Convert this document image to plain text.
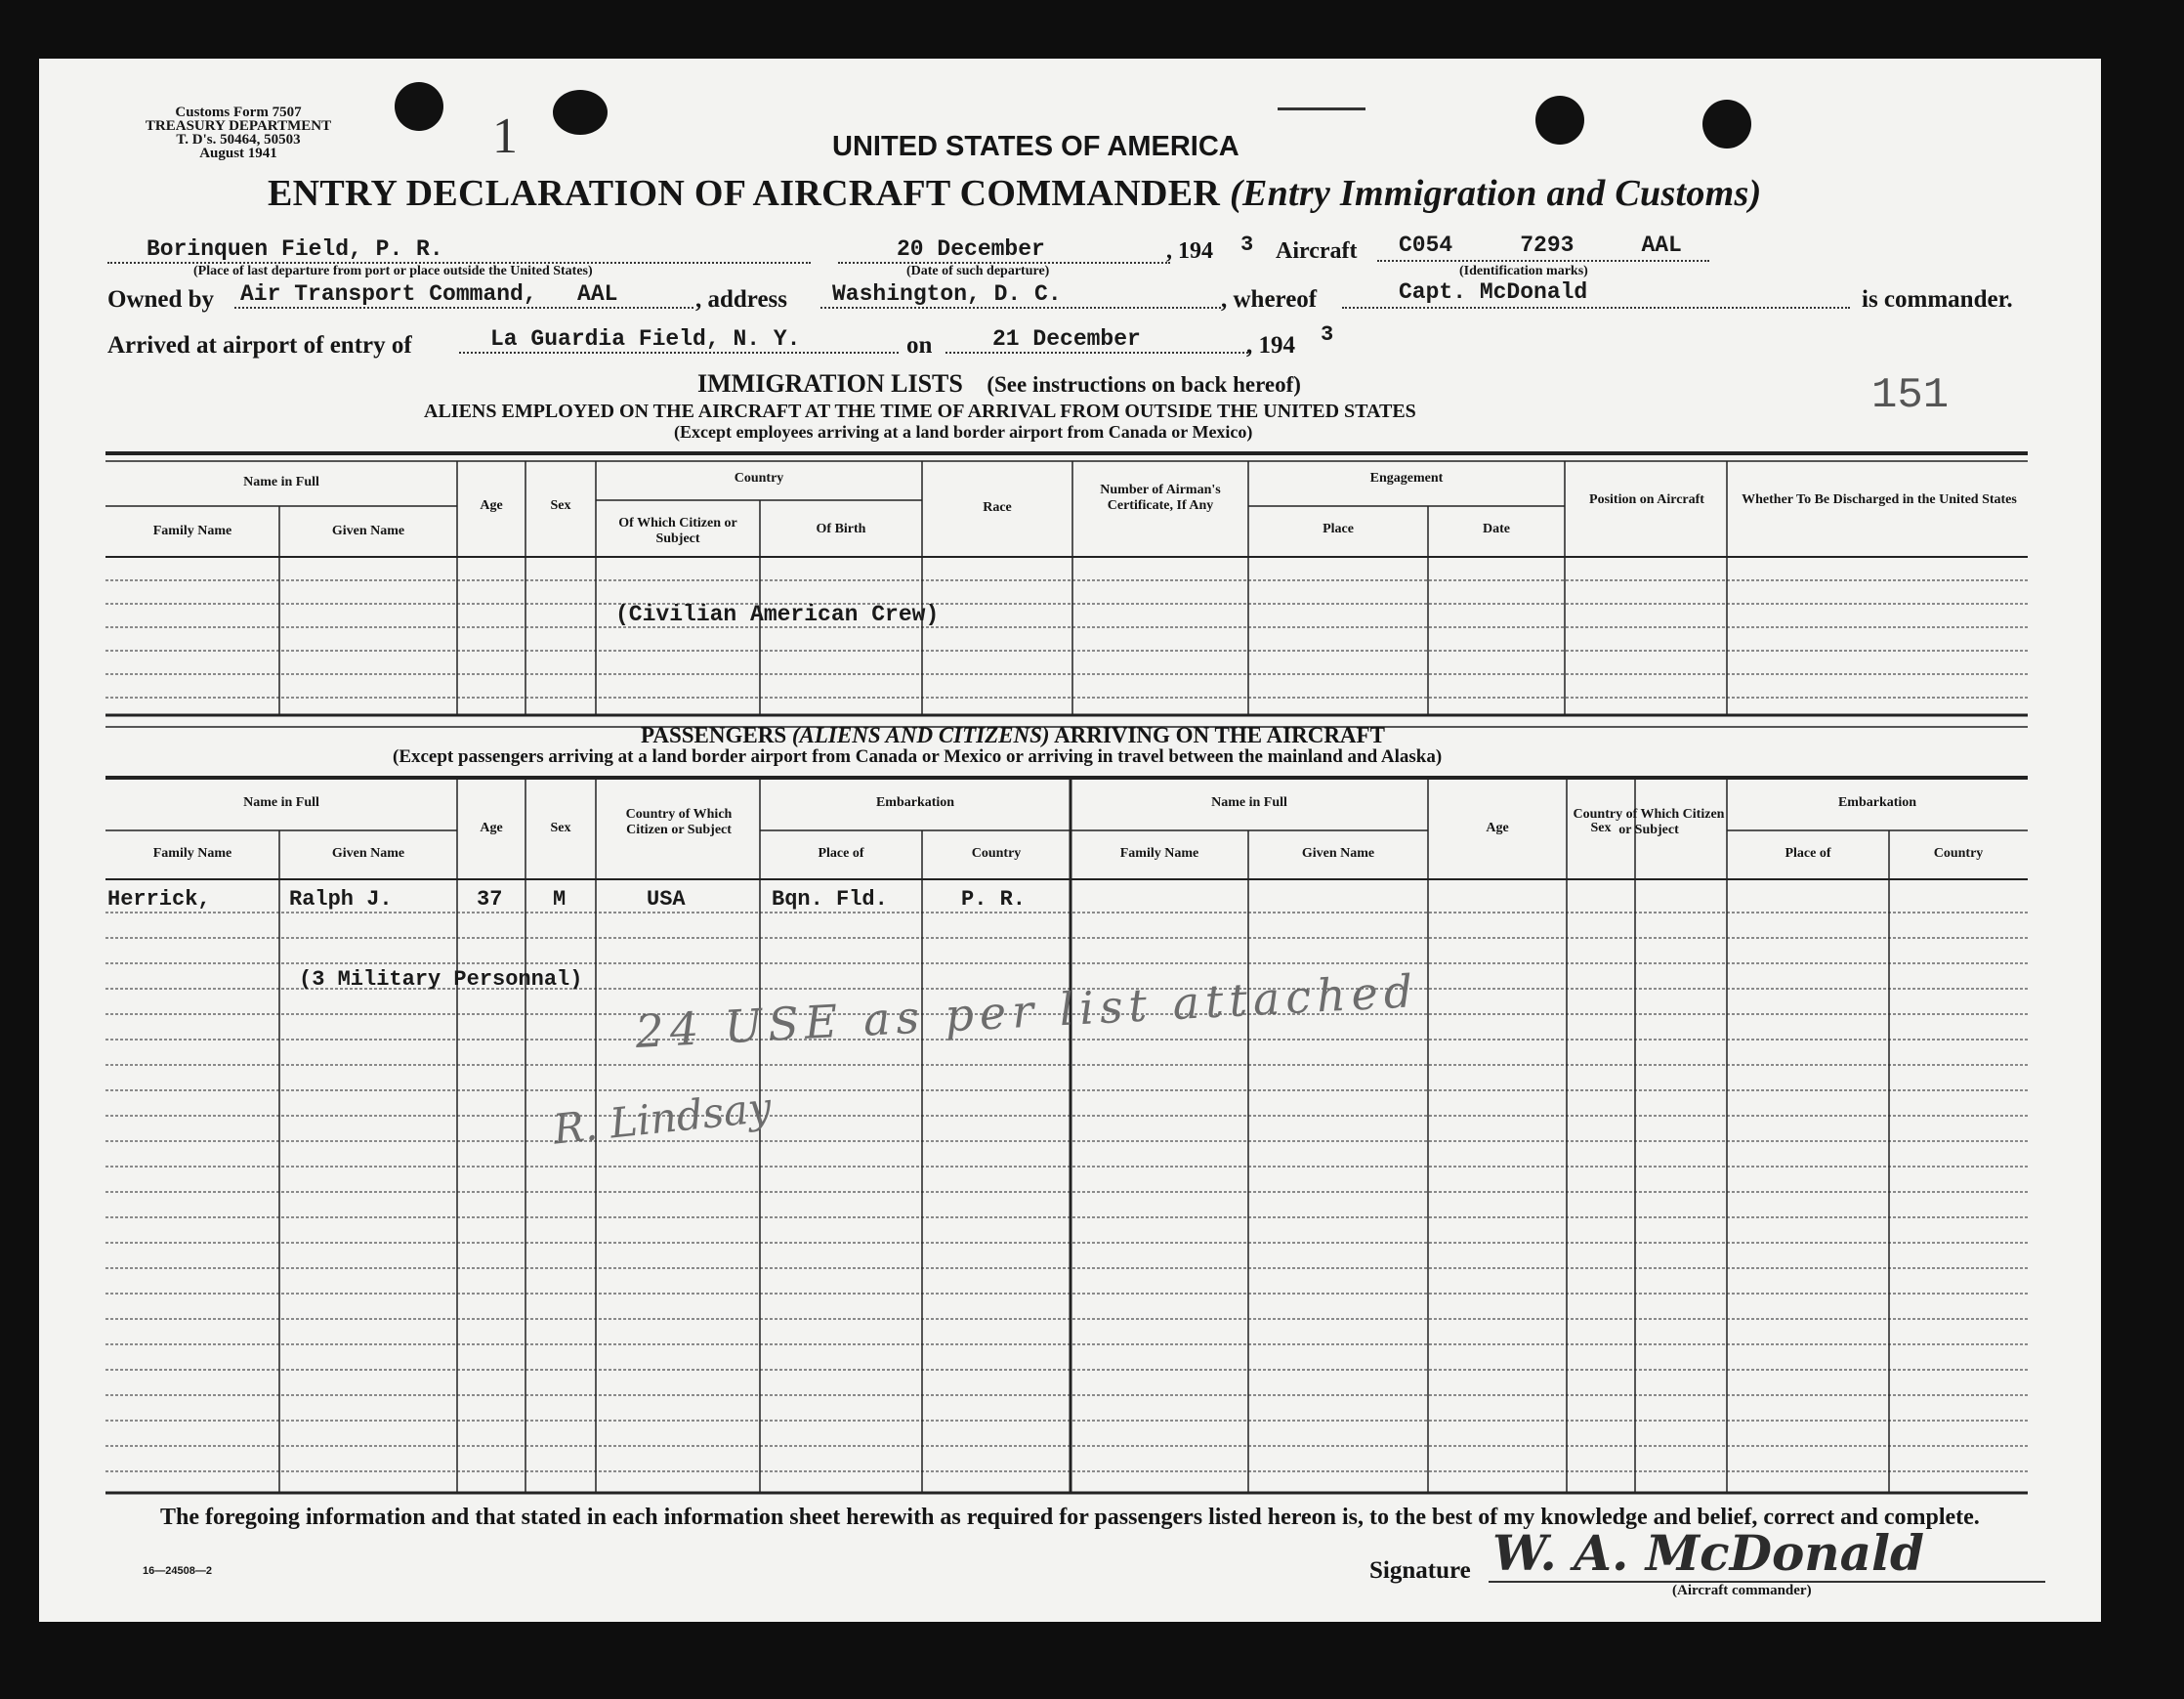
Customs Form 7507
TREASURY DEPARTMENT
T. D's. 50464, 50503
August 1941	1	UNITED STATES OF AMERICA
ENTRY DECLARATION OF AIRCRAFT COMMANDER (Entry Immigration and Customs)
Borinquen Field, P. R.
(Place of last departure from port or place outside the United States)
20 December
(Date of such departure)
, 194 3 Aircraft C054     7293     AAL
(Identification marks)
Owned by Air Transport Command,   AAL	, address Washington, D. C.	, whereof	Capt. McDonald	is commander.
Arrived at airport of entry of	La Guardia Field, N. Y.	on	21 December	, 194 3
IMMIGRATION LISTS (See instructions on back hereof)
ALIENS EMPLOYED ON THE AIRCRAFT AT THE TIME OF ARRIVAL FROM OUTSIDE THE UNITED STATES
(Except employees arriving at a land border airport from Canada or Mexico)
151
Name in Full
Family Name	Given Name
Age	Sex
Country
Of Which Citizen or Subject
Of Birth
Race
Number of Airman's Certificate, If Any
Engagement
Place	Date
Position on Aircraft	Whether To Be Discharged in the United States
(Civilian American Crew)
PASSENGERS (ALIENS AND CITIZENS) ARRIVING ON THE AIRCRAFT
(Except passengers arriving at a land border airport from Canada or Mexico or arriving in travel between the mainland and Alaska)
Name in Full
Family Name	Given Name
Age	Sex
Country of Which Citizen or Subject
Embarkation
Place of	Country
Name in Full
Family Name	Given Name
Age	Sex
Country of Which Citizen or Subject
Embarkation
Place of	Country
Herrick,	Ralph J.	37 M	USA	Bqn. Fld.	P. R.
(3 Military Personnal) 24 USE as per list attached
R. Lindsay
The foregoing information and that stated in each information sheet herewith as required for passengers listed hereon is, to the best of my knowledge and belief, correct and complete.
16—24508—2	Signature W. A. McDonald
(Aircraft commander)
